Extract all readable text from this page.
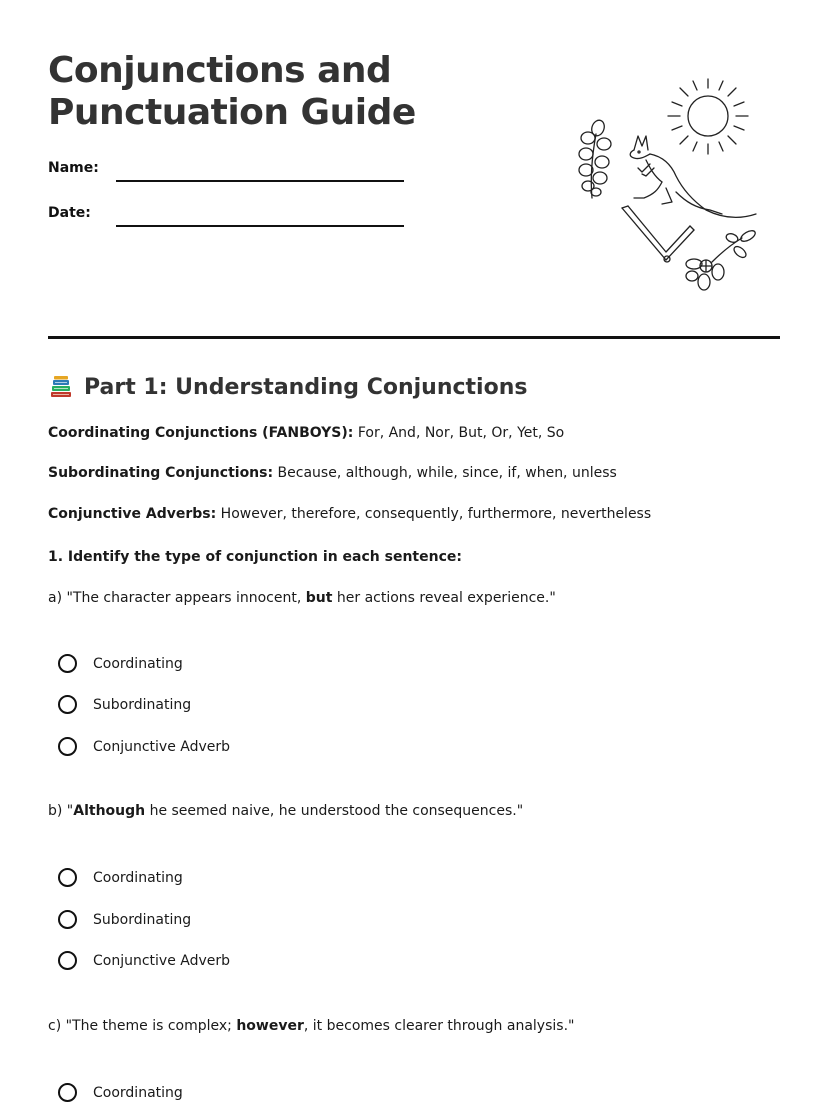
Conjunctions and
Punctuation Guide
Name:
Date:
Part 1: Understanding Conjunctions
Coordinating Conjunctions (FANBOYS): For, And, Nor, But, Or, Yet, So
Subordinating Conjunctions: Because, although, while, since, if, when, unless
Conjunctive Adverbs: However, therefore, consequently, furthermore, nevertheless
1. Identify the type of conjunction in each sentence:
a) "The character appears innocent, but her actions reveal experience."
Coordinating
Subordinating
Conjunctive Adverb
b) "Although he seemed naive, he understood the consequences."
Coordinating
Subordinating
Conjunctive Adverb
c) "The theme is complex; however, it becomes clearer through analysis."
Coordinating
